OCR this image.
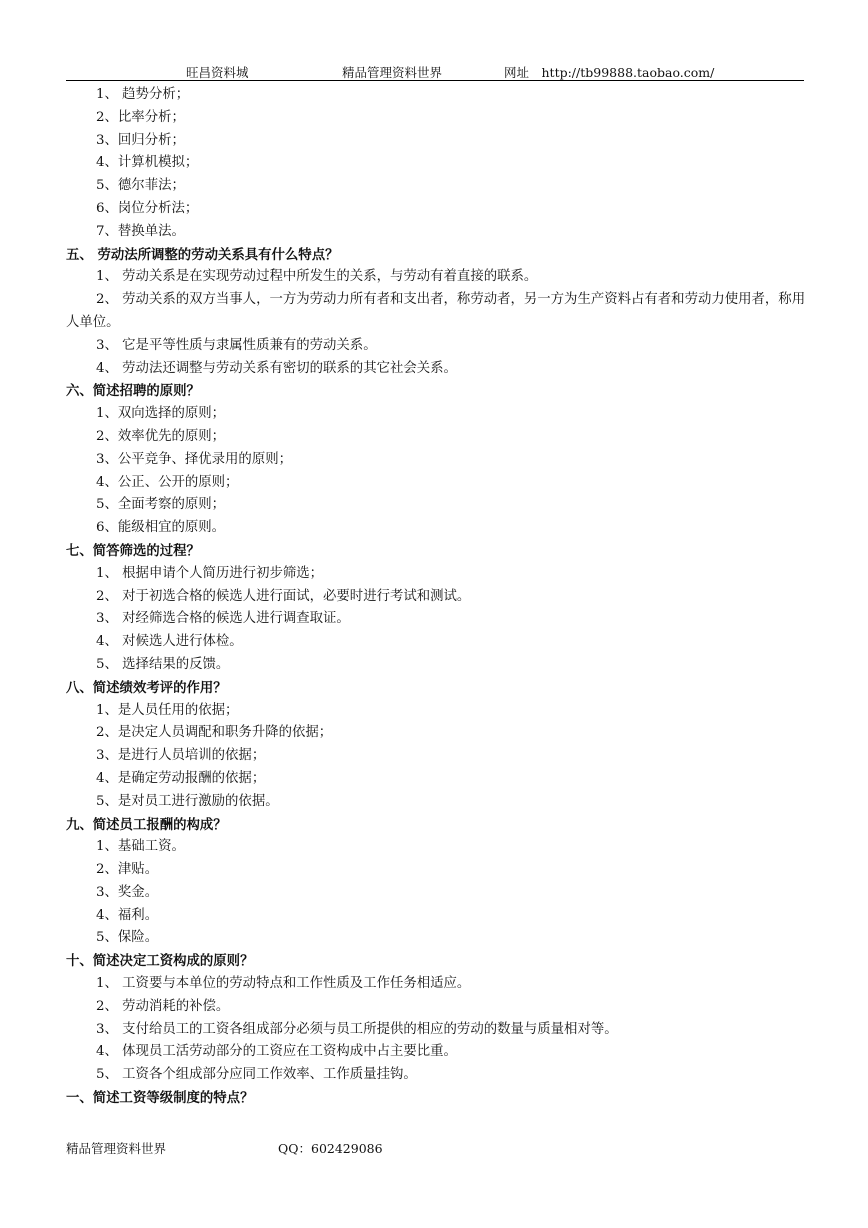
旺昌资料城	精品管理资料世界	网址　http://tb99888.taobao.com/
1、 趋势分析；
2、比率分析；
3、回归分析；
4、计算机模拟；
5、德尔菲法；
6、岗位分析法；
7、替换单法。
五、 劳动法所调整的劳动关系具有什么特点？
1、 劳动关系是在实现劳动过程中所发生的关系，与劳动有着直接的联系。
2、 劳动关系的双方当事人，一方为劳动力所有者和支出者，称劳动者，另一方为生产资料占有者和劳动力使用者，称用人单位。
3、 它是平等性质与隶属性质兼有的劳动关系。
4、 劳动法还调整与劳动关系有密切的联系的其它社会关系。
六、简述招聘的原则？
1、双向选择的原则；
2、效率优先的原则；
3、公平竞争、择优录用的原则；
4、公正、公开的原则；
5、全面考察的原则；
6、能级相宜的原则。
七、简答筛选的过程？
1、 根据申请个人简历进行初步筛选；
2、 对于初选合格的候选人进行面试，必要时进行考试和测试。
3、 对经筛选合格的候选人进行调查取证。
4、 对候选人进行体检。
5、 选择结果的反馈。
八、简述绩效考评的作用？
1、是人员任用的依据；
2、是决定人员调配和职务升降的依据；
3、是进行人员培训的依据；
4、是确定劳动报酬的依据；
5、是对员工进行激励的依据。
九、简述员工报酬的构成？
1、基础工资。
2、津贴。
3、奖金。
4、福利。
5、保险。
十、简述决定工资构成的原则？
1、 工资要与本单位的劳动特点和工作性质及工作任务相适应。
2、 劳动消耗的补偿。
3、 支付给员工的工资各组成部分必须与员工所提供的相应的劳动的数量与质量相对等。
4、 体现员工活劳动部分的工资应在工资构成中占主要比重。
5、 工资各个组成部分应同工作效率、工作质量挂钩。
一、简述工资等级制度的特点？
精品管理资料世界	QQ：602429086
